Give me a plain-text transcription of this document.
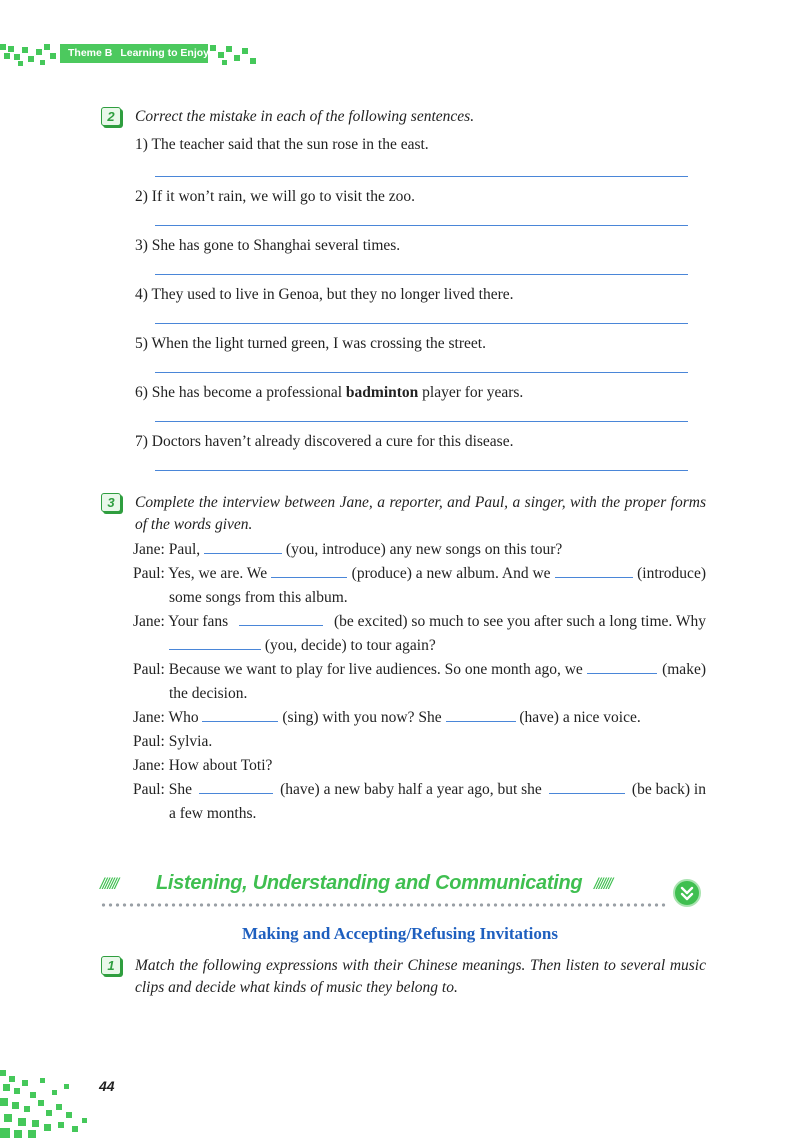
Theme B Learning to Enjoy
2	Correct the mistake in each of the following sentences.
1) The teacher said that the sun rose in the east.
2) If it won’t rain, we will go to visit the zoo.
3) She has gone to Shanghai several times.
4) They used to live in Genoa, but they no longer lived there.
5) When the light turned green, I was crossing the street.
6) She has become a professional badminton player for years.
7) Doctors haven’t already discovered a cure for this disease.
3	Complete the interview between Jane, a reporter, and Paul, a singer, with the proper forms of the words given.
Jane: Paul,	(you, introduce) any new songs on this tour?
Paul: Yes, we are. We	(produce) a new album. And we	(introduce)
some songs from this album.
Jane: Your fans	(be excited) so much to see you after such a long time. Why
(you, decide) to tour again?
Paul: Because we want to play for live audiences. So one month ago, we	(make)
the decision.
Jane: Who	(sing) with you now? She	(have) a nice voice.
Paul: Sylvia.
Jane: How about Toti?
Paul: She	(have) a new baby half a year ago, but she	(be back) in
a few months.
/////// Listening, Understanding and Communicating ///////
Making and Accepting/Refusing Invitations
1	Match the following expressions with their Chinese meanings. Then listen to several music clips and decide what kinds of music they belong to.
44
